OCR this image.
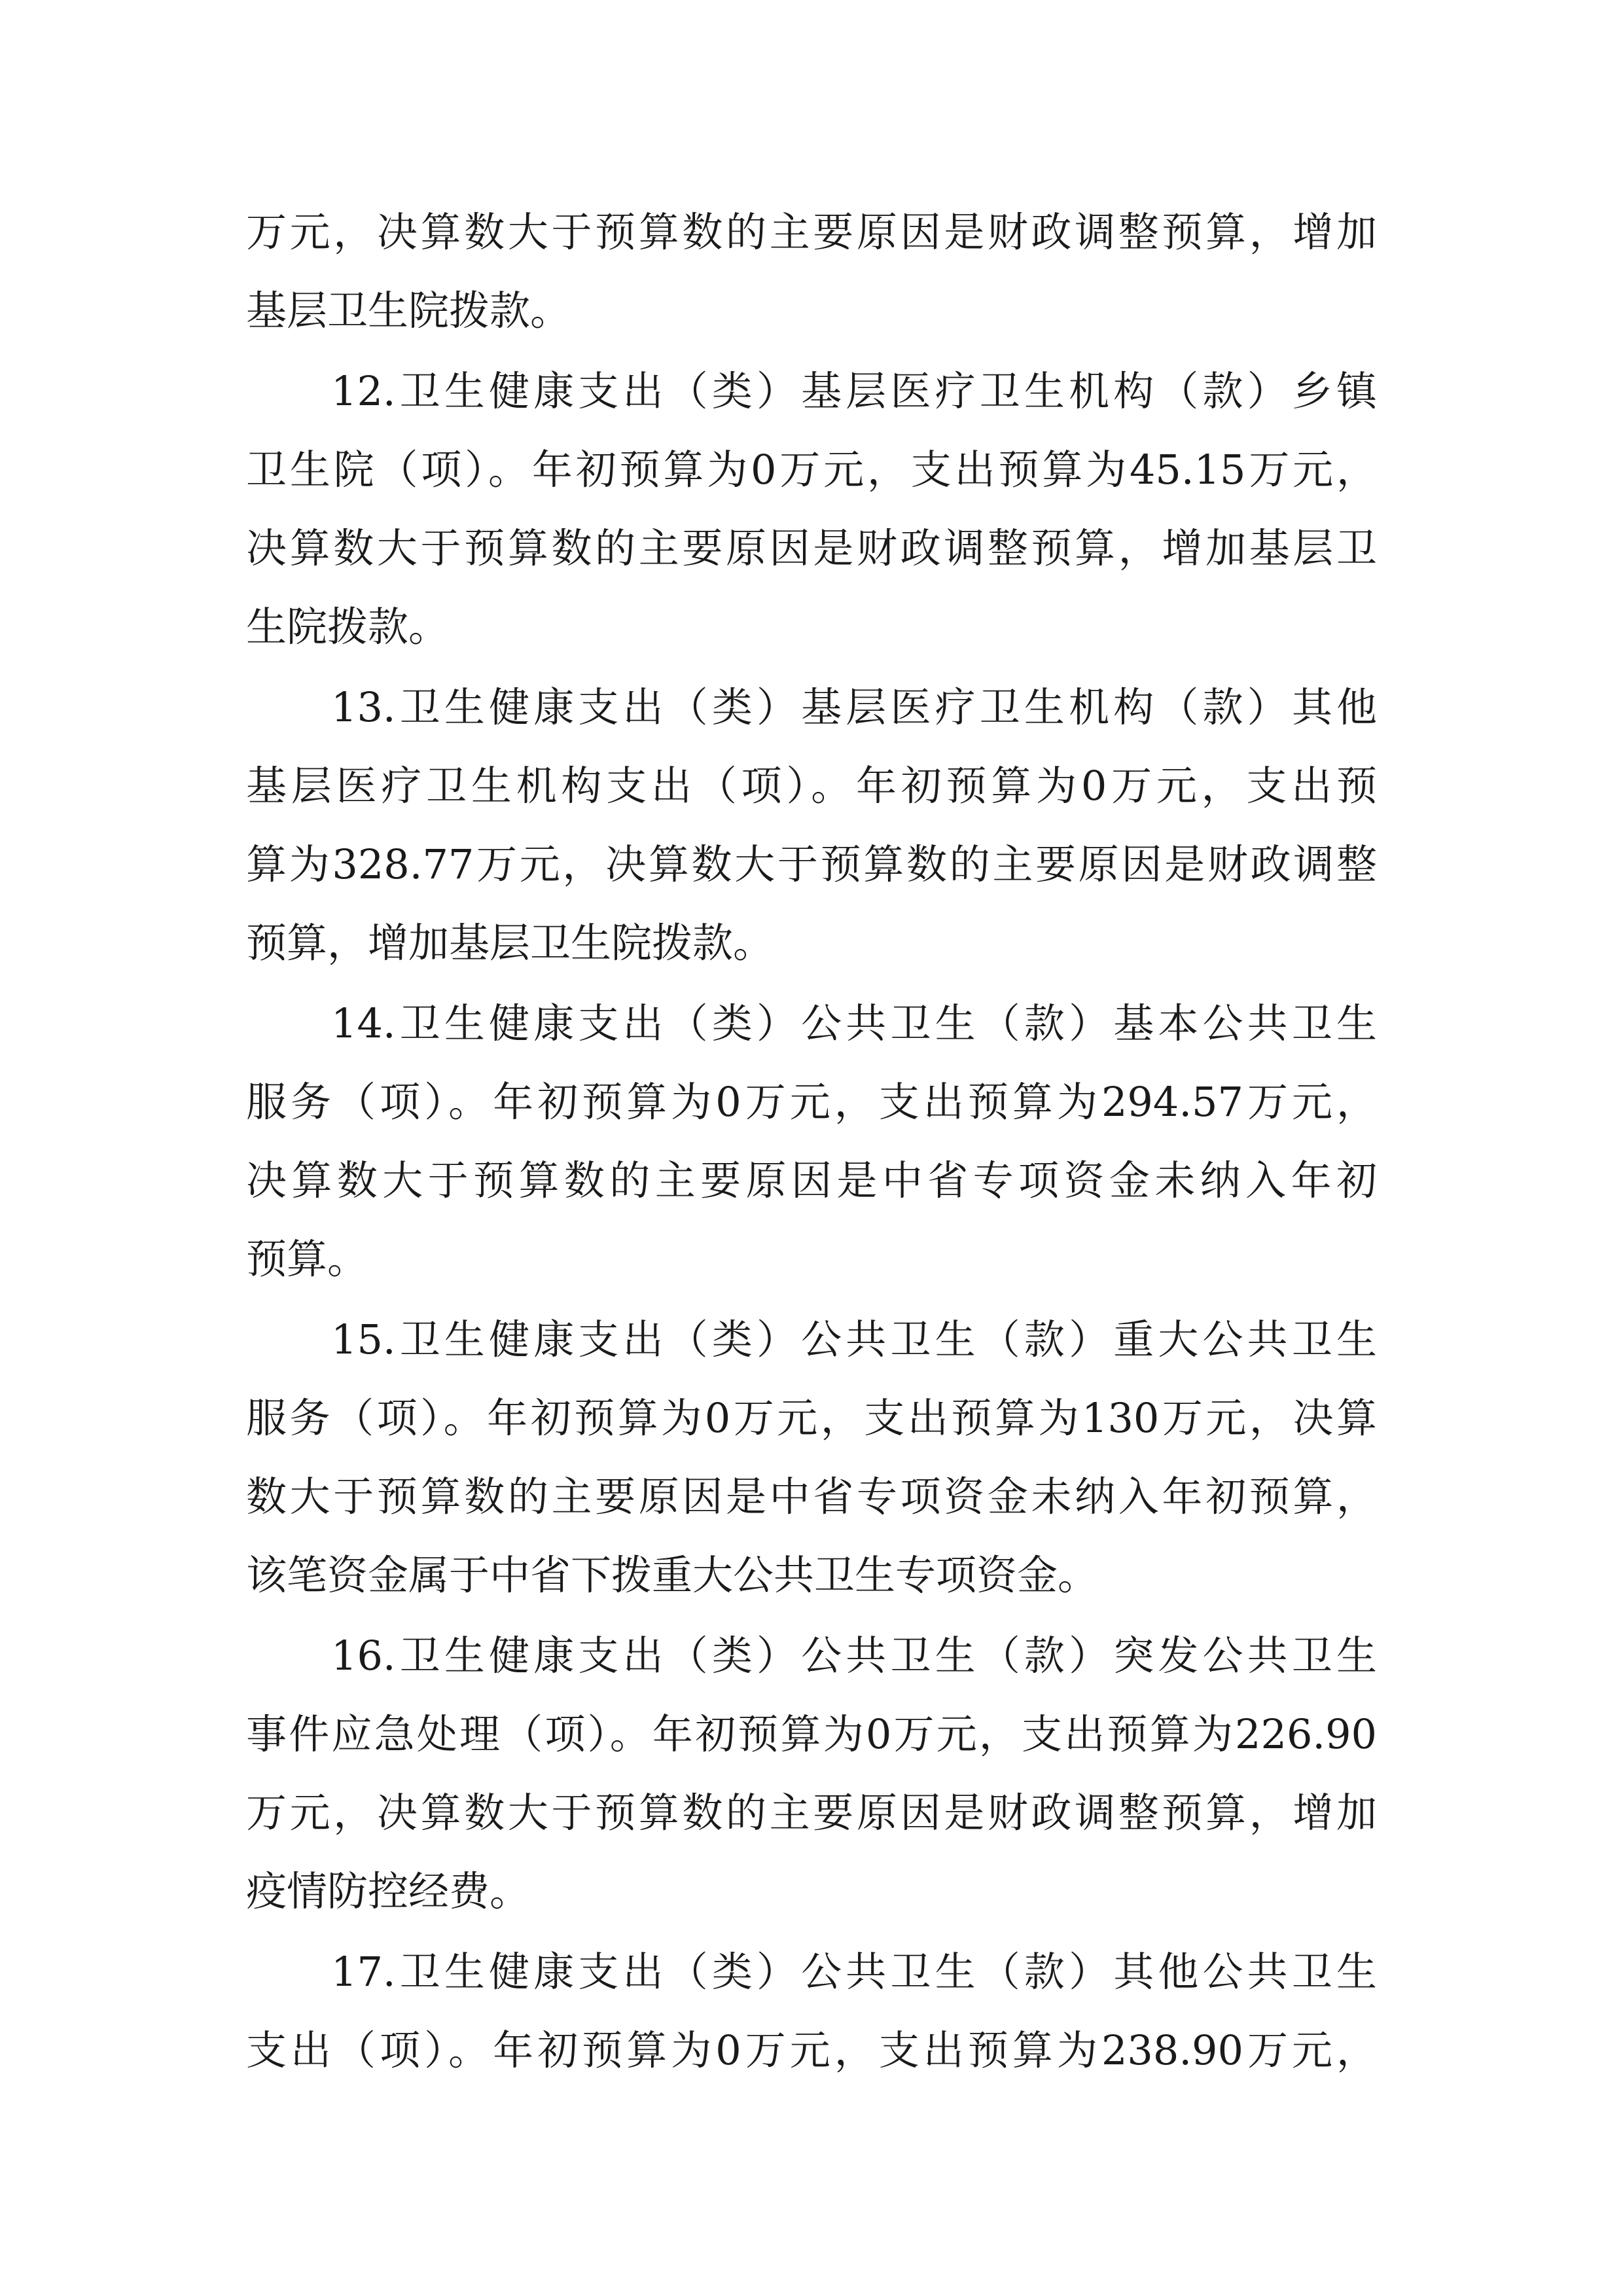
万元，决算数大于预算数的主要原因是财政调整预算，增加
基层卫生院拨款。
12.卫生健康支出（类）基层医疗卫生机构（款）乡镇
卫生院（项）。年初预算为0万元，支出预算为45.15万元，
决算数大于预算数的主要原因是财政调整预算，增加基层卫
生院拨款。
13.卫生健康支出（类）基层医疗卫生机构（款）其他
基层医疗卫生机构支出（项）。年初预算为0万元，支出预
算为328.77万元，决算数大于预算数的主要原因是财政调整
预算，增加基层卫生院拨款。
14.卫生健康支出（类）公共卫生（款）基本公共卫生
服务（项）。年初预算为0万元，支出预算为294.57万元，
决算数大于预算数的主要原因是中省专项资金未纳入年初
预算。
15.卫生健康支出（类）公共卫生（款）重大公共卫生
服务（项）。年初预算为0万元，支出预算为130万元，决算
数大于预算数的主要原因是中省专项资金未纳入年初预算，
该笔资金属于中省下拨重大公共卫生专项资金。
16.卫生健康支出（类）公共卫生（款）突发公共卫生
事件应急处理（项）。年初预算为0万元，支出预算为226.90
万元，决算数大于预算数的主要原因是财政调整预算，增加
疫情防控经费。
17.卫生健康支出（类）公共卫生（款）其他公共卫生
支出（项）。年初预算为0万元，支出预算为238.90万元，
